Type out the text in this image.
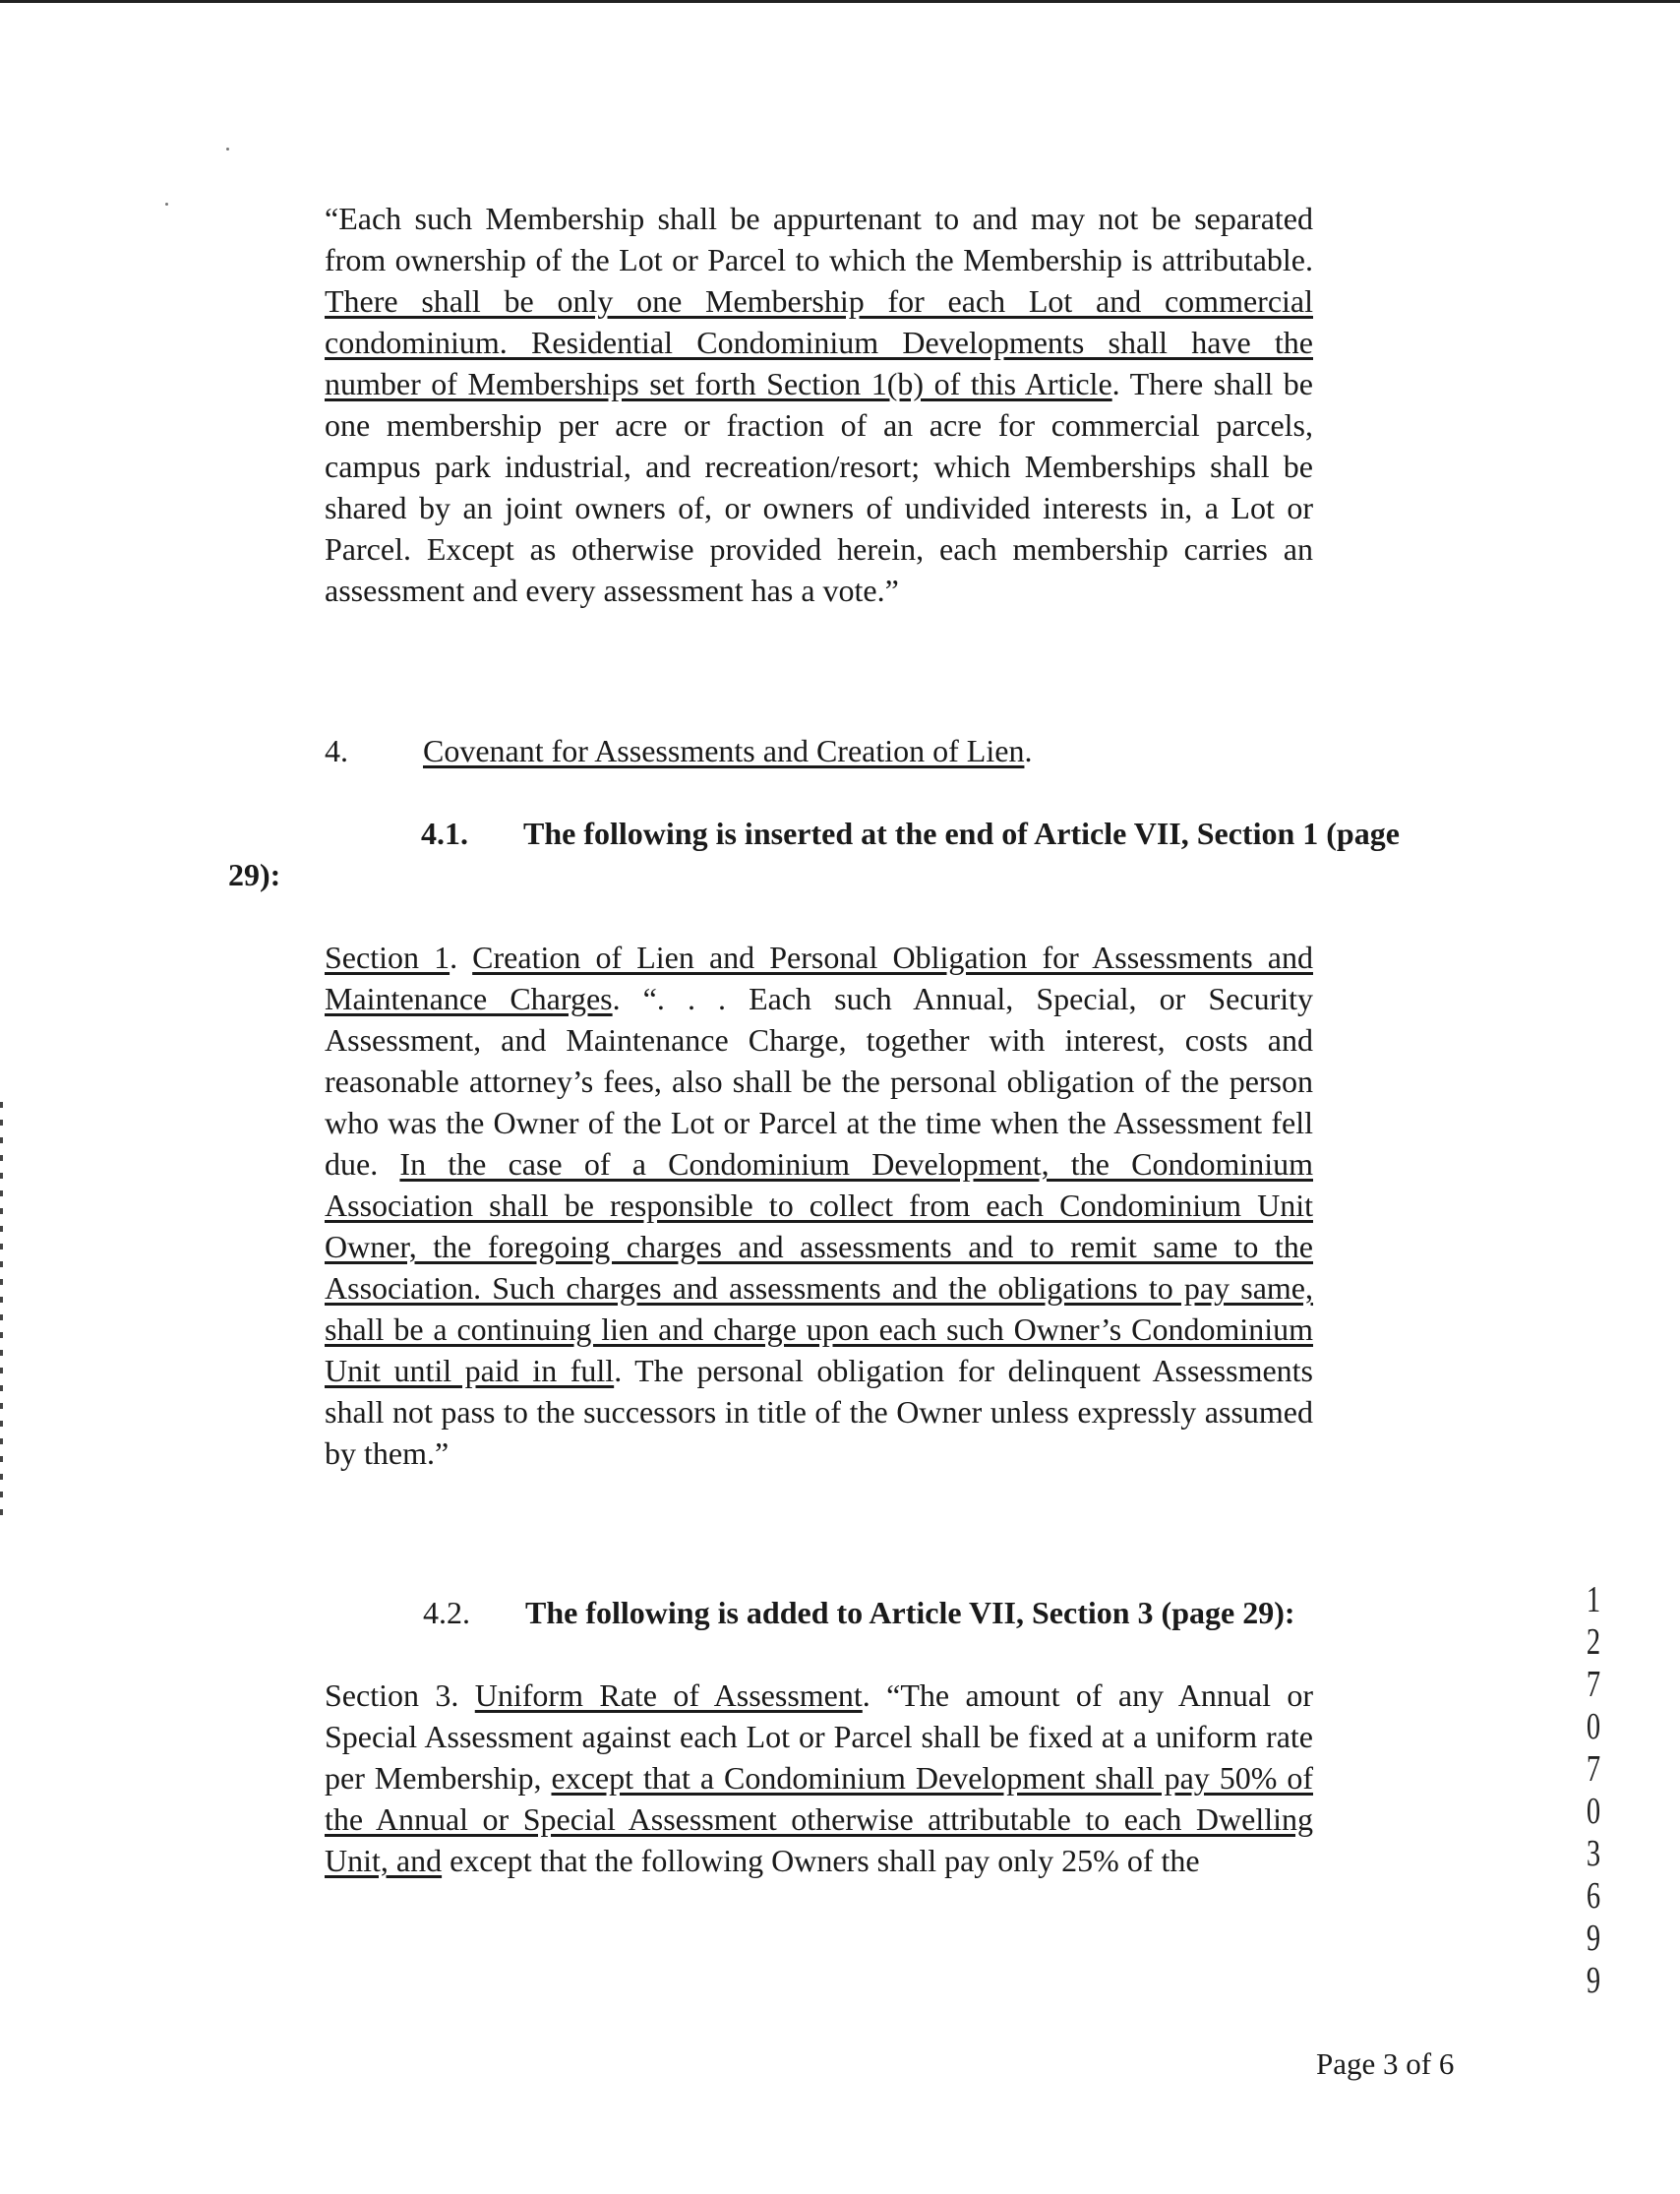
“Each such Membership shall be appurtenant to and may not be separated from ownership of the Lot or Parcel to which the Membership is attributable. There shall be only one Membership for each Lot and commercial condominium. Residential Condominium Developments shall have the number of Memberships set forth Section 1(b) of this Article. There shall be one membership per acre or fraction of an acre for commercial parcels, campus park industrial, and recreation/resort; which Memberships shall be shared by an joint owners of, or owners of undivided interests in, a Lot or Parcel. Except as otherwise provided herein, each membership carries an assessment and every assessment has a vote.”

4. Covenant for Assessments and Creation of Lien.

4.1. The following is inserted at the end of Article VII, Section 1 (page 29):

Section 1. Creation of Lien and Personal Obligation for Assessments and Maintenance Charges. “. . . Each such Annual, Special, or Security Assessment, and Maintenance Charge, together with interest, costs and reasonable attorney’s fees, also shall be the personal obligation of the person who was the Owner of the Lot or Parcel at the time when the Assessment fell due. In the case of a Condominium Development, the Condominium Association shall be responsible to collect from each Condominium Unit Owner, the foregoing charges and assessments and to remit same to the Association. Such charges and assessments and the obligations to pay same, shall be a continuing lien and charge upon each such Owner’s Condominium Unit until paid in full. The personal obligation for delinquent Assessments shall not pass to the successors in title of the Owner unless expressly assumed by them.”

4.2. The following is added to Article VII, Section 3 (page 29):

Section 3. Uniform Rate of Assessment. “The amount of any Annual or Special Assessment against each Lot or Parcel shall be fixed at a uniform rate per Membership, except that a Condominium Development shall pay 50% of the Annual or Special Assessment otherwise attributable to each Dwelling Unit, and except that the following Owners shall pay only 25% of the

1
2
7
0
7
0
3
6
9
9

Page 3 of 6
